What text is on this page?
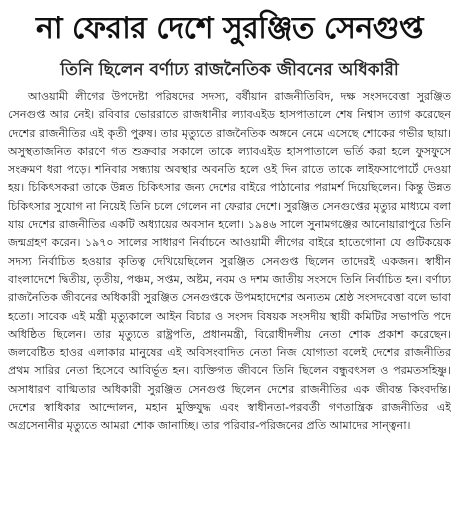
না ফেরার দেশে সুরঞ্জিত সেনগুপ্ত
তিনি ছিলেন বর্ণাঢ্য রাজনৈতিক জীবনের অধিকারী

আওয়ামী লীগের উপদেষ্টা পরিষদের সদস্য, বর্ষীয়ান রাজনীতিবিদ, দক্ষ সংসদবেত্তা সুরঞ্জিত সেনগুপ্ত আর নেই। রবিবার ভোররাতে রাজধানীর ল্যাবএইড হাসপাতালে শেষ নিশ্বাস ত্যাগ করেছেন দেশের রাজনীতির এই কৃতী পুরুষ। তার মৃত্যুতে রাজনৈতিক অঙ্গনে নেমে এসেছে শোকের গভীর ছায়া। অসুস্থতাজনিত কারণে গত শুক্রবার সকালে তাকে ল্যাবএইড হাসপাতালে ভর্তি করা হলে ফুসফুসে সংক্রমণ ধরা পড়ে। শনিবার সন্ধ্যায় অবস্থার অবনতি হলে ওই দিন রাতে তাকে লাইফসাপোর্টে দেওয়া হয়। চিকিৎসকরা তাকে উন্নত চিকিৎসার জন্য দেশের বাইরে পাঠানোর পরামর্শ দিয়েছিলেন। কিন্তু উন্নত চিকিৎসার সুযোগ না নিয়েই তিনি চলে গেলেন না ফেরার দেশে। সুরঞ্জিত সেনগুপ্তের মৃত্যুর মাধ্যমে বলা যায় দেশের রাজনীতির একটি অধ্যায়ের অবসান হলো। ১৯৪৬ সালে সুনামগঞ্জের আনোয়ারাপুরে তিনি জন্মগ্রহণ করেন। ১৯৭০ সালের সাধারণ নির্বাচনে আওয়ামী লীগের বাইরে হাতেগোনা যে গুটিকয়েক সদস্য নির্বাচিত হওয়ার কৃতিত্ব দেখিয়েছিলেন সুরঞ্জিত সেনগুপ্ত ছিলেন তাদেরই একজন। স্বাধীন বাংলাদেশে দ্বিতীয়, তৃতীয়, পঞ্চম, সপ্তম, অষ্টম, নবম ও দশম জাতীয় সংসদে তিনি নির্বাচিত হন। বর্ণাঢ্য রাজনৈতিক জীবনের অধিকারী সুরঞ্জিত সেনগুপ্তকে উপমহাদেশের অন্যতম শ্রেষ্ঠ সংসদবেত্তা বলে ভাবা হতো। সাবেক এই মন্ত্রী মৃত্যুকালে আইন বিচার ও সংসদ বিষয়ক সংসদীয় স্থায়ী কমিটির সভাপতি পদে অধিষ্ঠিত ছিলেন। তার মৃত্যুতে রাষ্ট্রপতি, প্রধানমন্ত্রী, বিরোধীদলীয় নেতা শোক প্রকাশ করেছেন। জলবেষ্টিত হাওর এলাকার মানুষের এই অবিসংবাদিত নেতা নিজ যোগ্যতা বলেই দেশের রাজনীতির প্রথম সারির নেতা হিসেবে আবির্ভূত হন। ব্যক্তিগত জীবনে তিনি ছিলেন বন্ধুবৎসল ও পরমতসহিষ্ণু। অসাধারণ বাগ্মিতার অধিকারী সুরঞ্জিত সেনগুপ্ত ছিলেন দেশের রাজনীতির এক জীবন্ত কিংবদন্তি। দেশের স্বাধিকার আন্দোলন, মহান মুক্তিযুদ্ধ এবং স্বাধীনতা-পরবর্তী গণতান্ত্রিক রাজনীতির এই অগ্রসেনানীর মৃত্যুতে আমরা শোক জানাচ্ছি। তার পরিবার-পরিজনের প্রতি আমাদের সান্ত্বনা।
